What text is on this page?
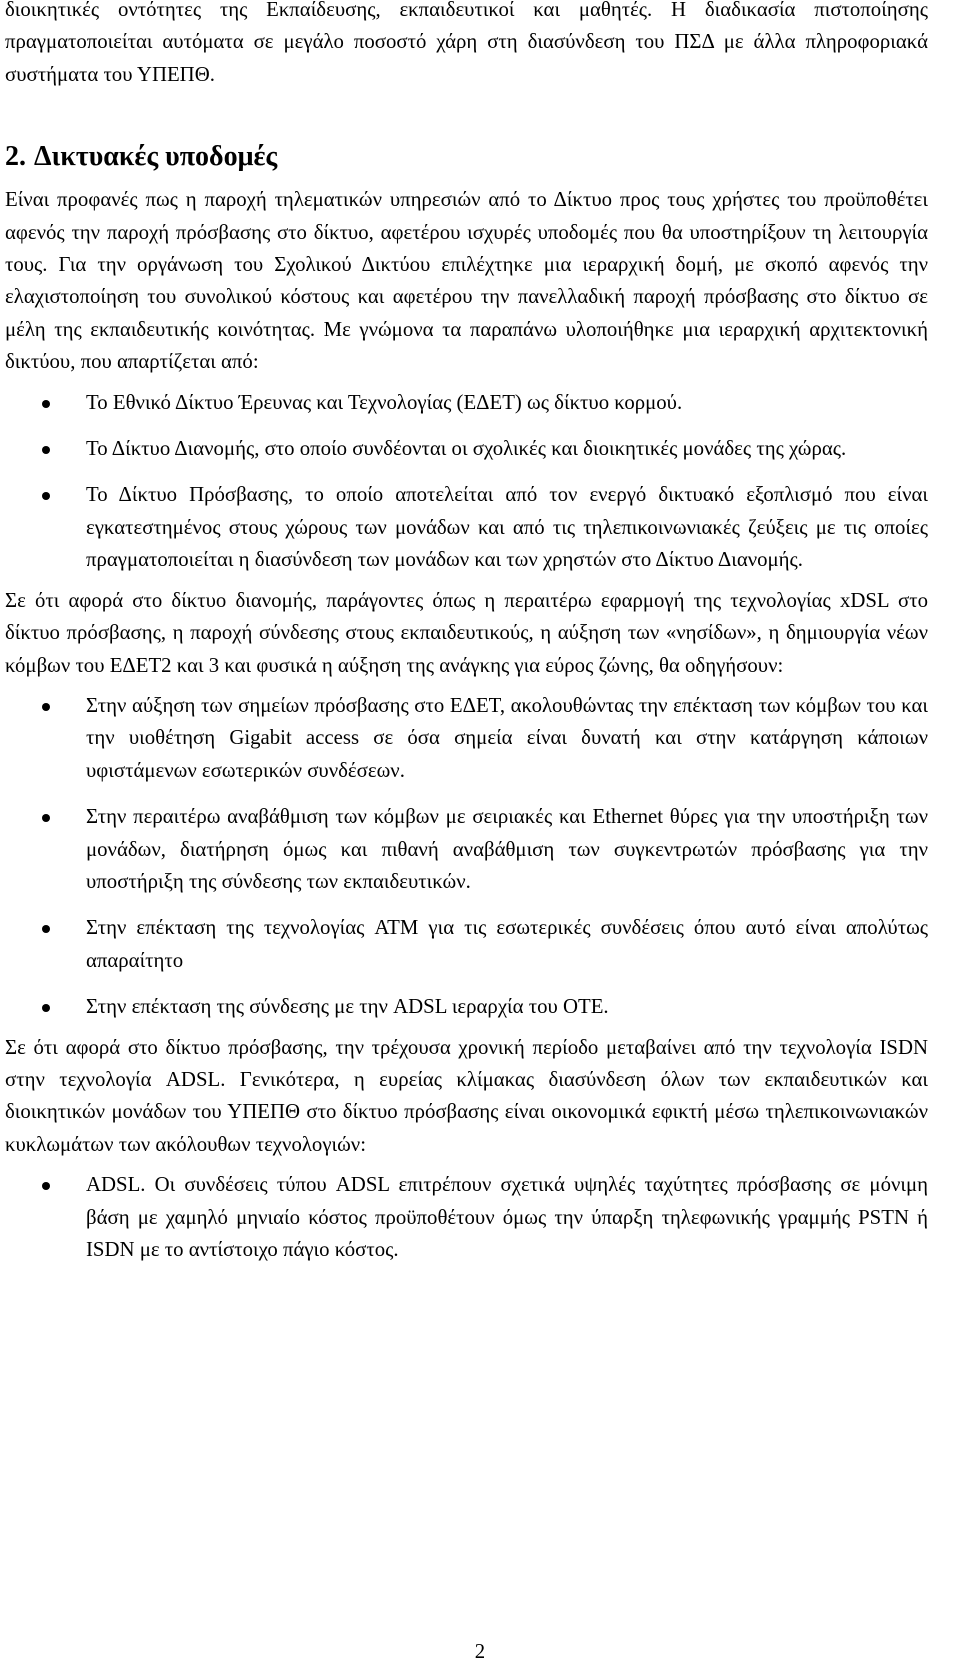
διοικητικές οντότητες της Εκπαίδευσης, εκπαιδευτικοί και μαθητές. Η διαδικασία πιστοποίησης πραγματοποιείται αυτόματα σε μεγάλο ποσοστό χάρη στη διασύνδεση του ΠΣΔ με άλλα πληροφοριακά συστήματα του ΥΠΕΠΘ.

2. Δικτυακές υποδομές

Είναι προφανές πως η παροχή τηλεματικών υπηρεσιών από το Δίκτυο προς τους χρήστες του προϋποθέτει αφενός την παροχή πρόσβασης στο δίκτυο, αφετέρου ισχυρές υποδομές που θα υποστηρίξουν τη λειτουργία τους. Για την οργάνωση του Σχολικού Δικτύου επιλέχτηκε μια ιεραρχική δομή, με σκοπό αφενός την ελαχιστοποίηση του συνολικού κόστους και αφετέρου την πανελλαδική παροχή πρόσβασης στο δίκτυο σε μέλη της εκπαιδευτικής κοινότητας. Με γνώμονα τα παραπάνω υλοποιήθηκε μια ιεραρχική αρχιτεκτονική δικτύου, που απαρτίζεται από:

Το Εθνικό Δίκτυο Έρευνας και Τεχνολογίας (ΕΔΕΤ) ως δίκτυο κορμού.
Το Δίκτυο Διανομής, στο οποίο συνδέονται οι σχολικές και διοικητικές μονάδες της χώρας.
Το Δίκτυο Πρόσβασης, το οποίο αποτελείται από τον ενεργό δικτυακό εξοπλισμό που είναι εγκατεστημένος στους χώρους των μονάδων και από τις τηλεπικοινωνιακές ζεύξεις με τις οποίες πραγματοποιείται η διασύνδεση των μονάδων και των χρηστών στο Δίκτυο Διανομής.

Σε ότι αφορά στο δίκτυο διανομής, παράγοντες όπως η περαιτέρω εφαρμογή της τεχνολογίας xDSL στο δίκτυο πρόσβασης, η παροχή σύνδεσης στους εκπαιδευτικούς, η αύξηση των «νησίδων», η δημιουργία νέων κόμβων του ΕΔΕΤ2 και 3 και φυσικά η αύξηση της ανάγκης για εύρος ζώνης, θα οδηγήσουν:

Στην αύξηση των σημείων πρόσβασης στο ΕΔΕΤ, ακολουθώντας την επέκταση των κόμβων του και την υιοθέτηση Gigabit access σε όσα σημεία είναι δυνατή και στην κατάργηση κάποιων υφιστάμενων εσωτερικών συνδέσεων.
Στην περαιτέρω αναβάθμιση των κόμβων με σειριακές και Ethernet θύρες για την υποστήριξη των μονάδων, διατήρηση όμως και πιθανή αναβάθμιση των συγκεντρωτών πρόσβασης για την υποστήριξη της σύνδεσης των εκπαιδευτικών.
Στην επέκταση της τεχνολογίας ATM για τις εσωτερικές συνδέσεις όπου αυτό είναι απολύτως απαραίτητο
Στην επέκταση της σύνδεσης με την ADSL ιεραρχία του ΟΤΕ.

Σε ότι αφορά στο δίκτυο πρόσβασης, την τρέχουσα χρονική περίοδο μεταβαίνει από την τεχνολογία ISDN στην τεχνολογία ADSL. Γενικότερα, η ευρείας κλίμακας διασύνδεση όλων των εκπαιδευτικών και διοικητικών μονάδων του ΥΠΕΠΘ στο δίκτυο πρόσβασης είναι οικονομικά εφικτή μέσω τηλεπικοινωνιακών κυκλωμάτων των ακόλουθων τεχνολογιών:

ADSL. Οι συνδέσεις τύπου ADSL επιτρέπουν σχετικά υψηλές ταχύτητες πρόσβασης σε μόνιμη βάση με χαμηλό μηνιαίο κόστος προϋποθέτουν όμως την ύπαρξη τηλεφωνικής γραμμής PSTN ή ISDN με το αντίστοιχο πάγιο κόστος.
2
